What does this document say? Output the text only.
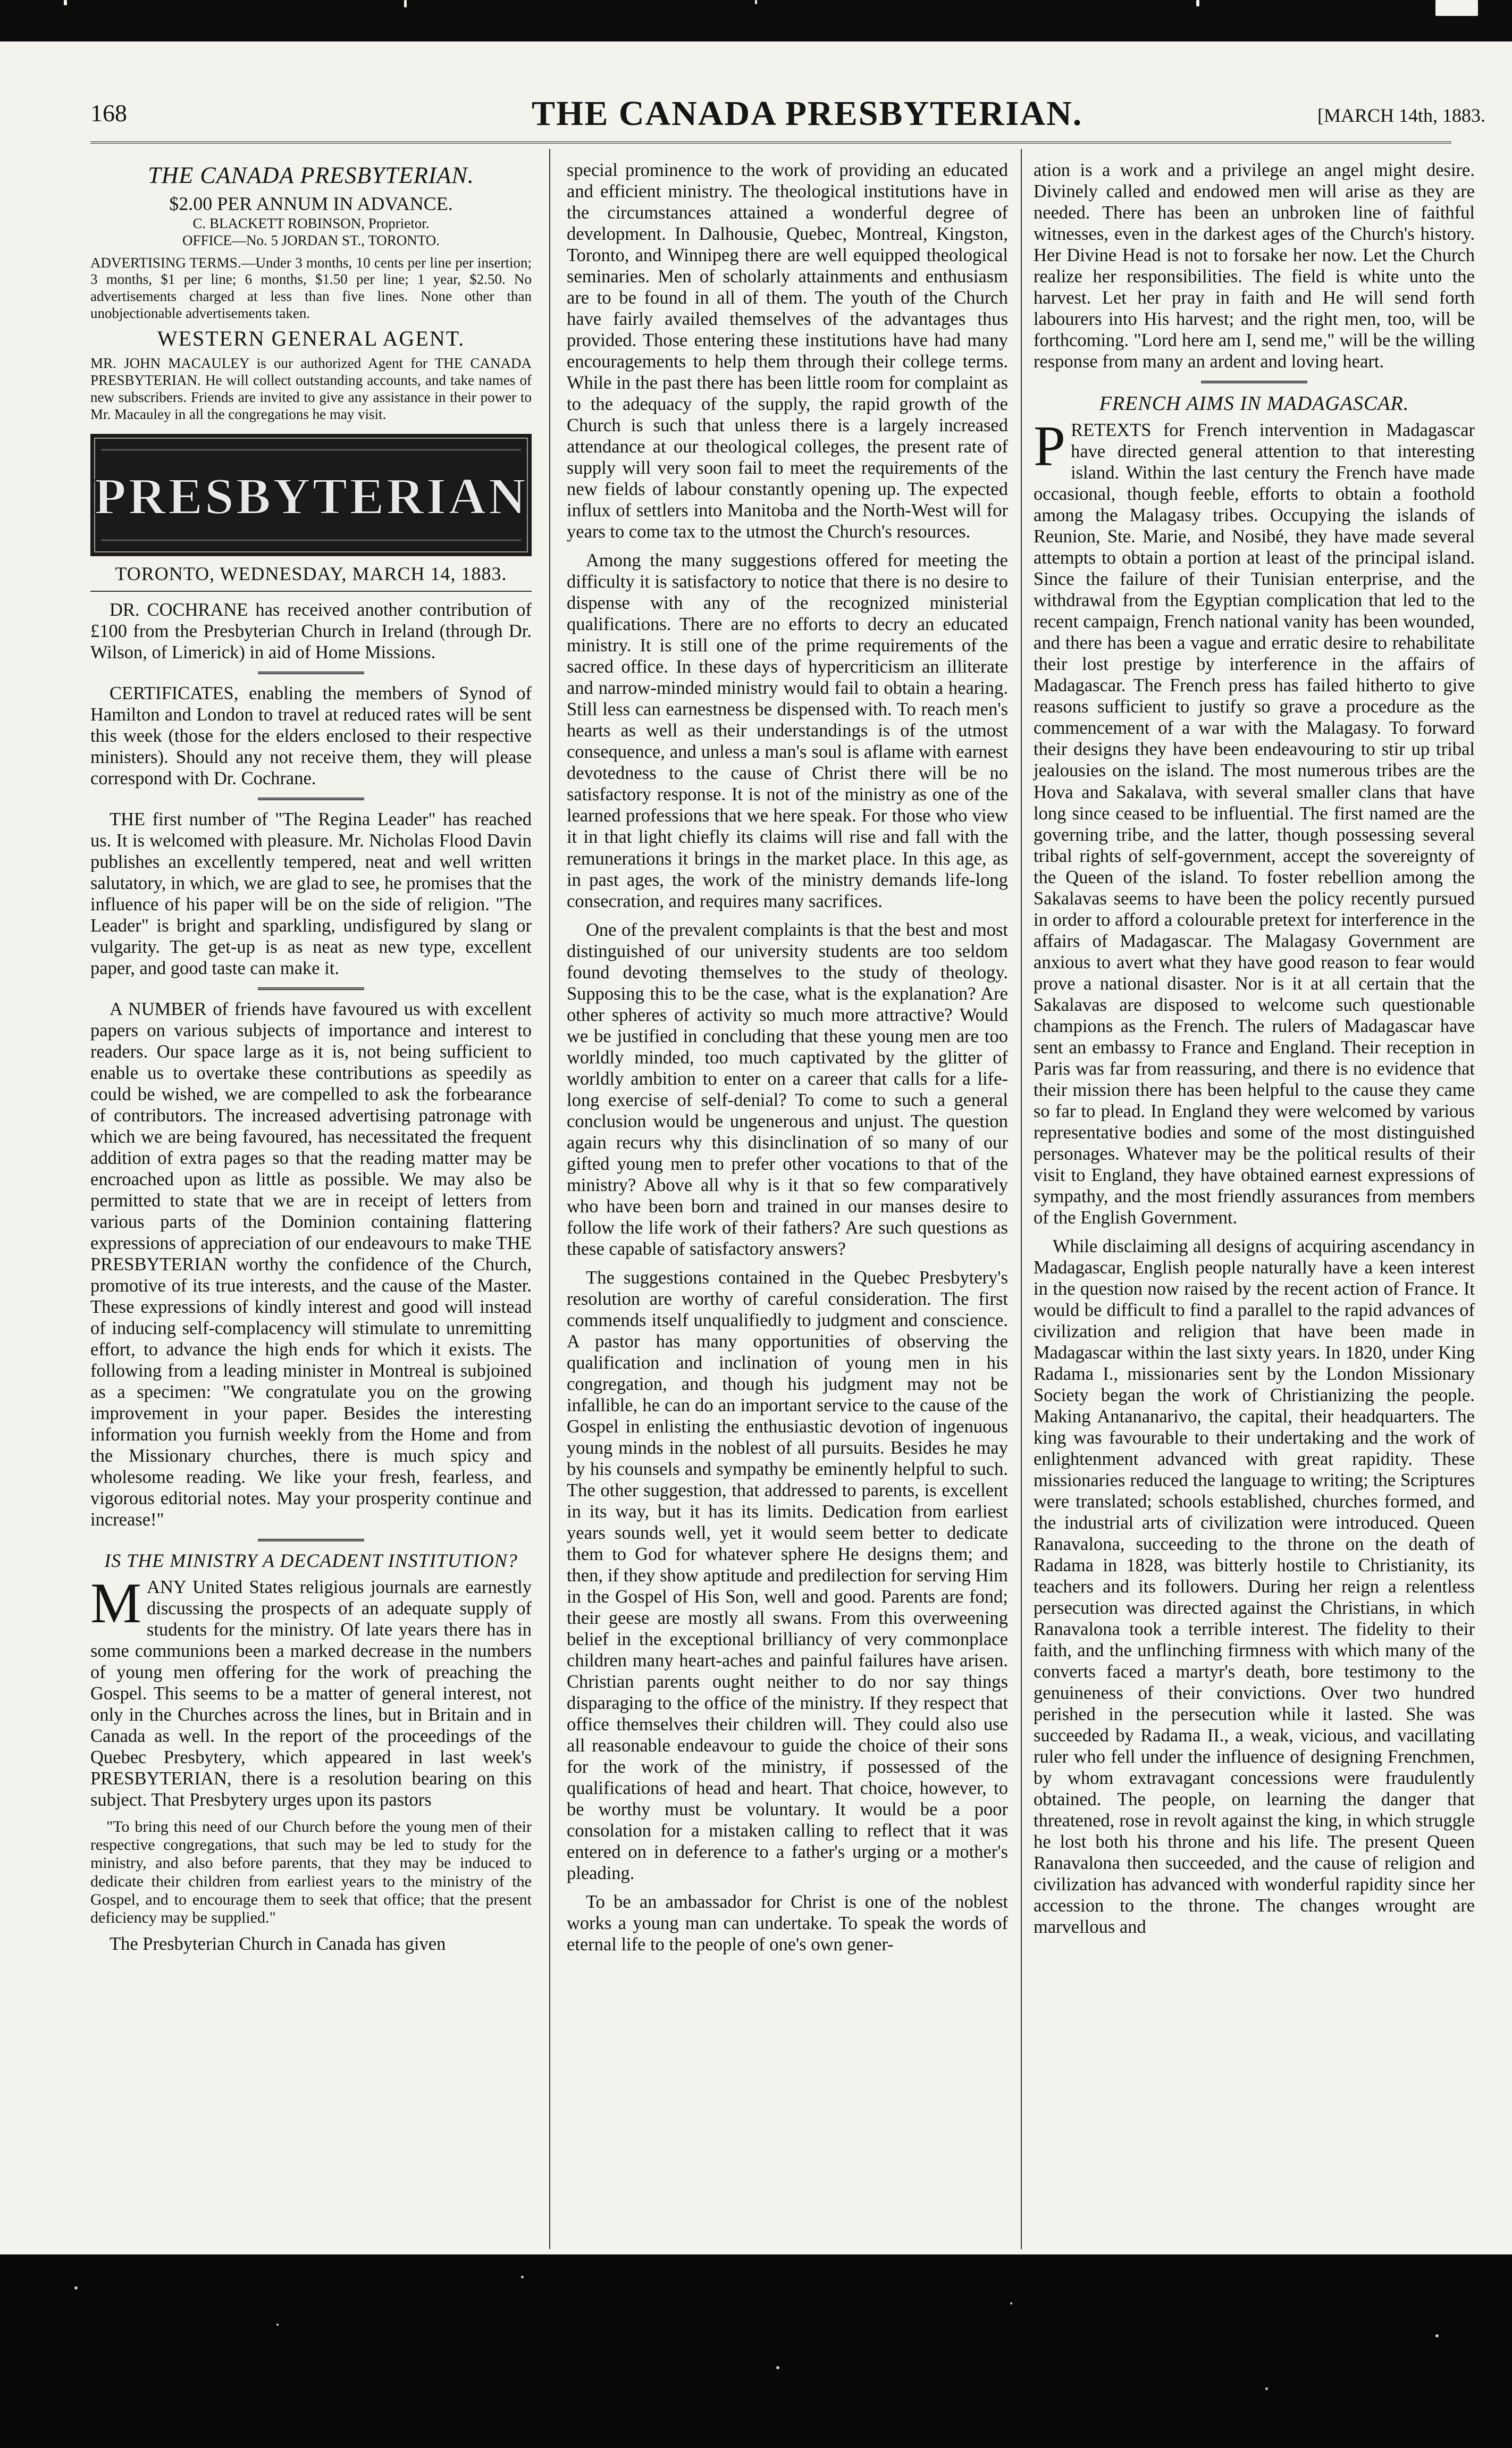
168	THE CANADA PRESBYTERIAN.	[MARCH 14th, 1883.
THE CANADA PRESBYTERIAN.
$2.00 PER ANNUM IN ADVANCE.
C. BLACKETT ROBINSON, Proprietor.
OFFICE—No. 5 JORDAN ST., TORONTO.
ADVERTISING TERMS.—Under 3 months, 10 cents per line per insertion; 3 months, $1 per line; 6 months, $1.50 per line; 1 year, $2.50. No advertisements charged at less than five lines. None other than unobjectionable advertisements taken.
WESTERN GENERAL AGENT.
MR. JOHN MACAULEY is our authorized Agent for THE CANADA PRESBYTERIAN. He will collect outstanding accounts, and take names of new subscribers. Friends are invited to give any assistance in their power to Mr. Macauley in all the congregations he may visit.
PRESBYTERIAN
TORONTO, WEDNESDAY, MARCH 14, 1883.

DR. COCHRANE has received another contribution of £100 from the Presbyterian Church in Ireland (through Dr. Wilson, of Limerick) in aid of Home Missions.

CERTIFICATES, enabling the members of Synod of Hamilton and London to travel at reduced rates will be sent this week (those for the elders enclosed to their respective ministers). Should any not receive them, they will please correspond with Dr. Cochrane.

THE first number of "The Regina Leader" has reached us. It is welcomed with pleasure. Mr. Nicholas Flood Davin publishes an excellently tempered, neat and well written salutatory, in which, we are glad to see, he promises that the influence of his paper will be on the side of religion. "The Leader" is bright and sparkling, undisfigured by slang or vulgarity. The get-up is as neat as new type, excellent paper, and good taste can make it.

A NUMBER of friends have favoured us with excellent papers on various subjects of importance and interest to readers. Our space large as it is, not being sufficient to enable us to overtake these contributions as speedily as could be wished, we are compelled to ask the forbearance of contributors. The increased advertising patronage with which we are being favoured, has necessitated the frequent addition of extra pages so that the reading matter may be encroached upon as little as possible. We may also be permitted to state that we are in receipt of letters from various parts of the Dominion containing flattering expressions of appreciation of our endeavours to make THE PRESBYTERIAN worthy the confidence of the Church, promotive of its true interests, and the cause of the Master. These expressions of kindly interest and good will instead of inducing self-complacency will stimulate to unremitting effort, to advance the high ends for which it exists. The following from a leading minister in Montreal is subjoined as a specimen: "We congratulate you on the growing improvement in your paper. Besides the interesting information you furnish weekly from the Home and from the Missionary churches, there is much spicy and wholesome reading. We like your fresh, fearless, and vigorous editorial notes. May your prosperity continue and increase!"

IS THE MINISTRY A DECADENT INSTITUTION?

MANY United States religious journals are earnestly discussing the prospects of an adequate supply of students for the ministry. Of late years there has in some communions been a marked decrease in the numbers of young men offering for the work of preaching the Gospel. This seems to be a matter of general interest, not only in the Churches across the lines, but in Britain and in Canada as well. In the report of the proceedings of the Quebec Presbytery, which appeared in last week's PRESBYTERIAN, there is a resolution bearing on this subject. That Presbytery urges upon its pastors

"To bring this need of our Church before the young men of their respective congregations, that such may be led to study for the ministry, and also before parents, that they may be induced to dedicate their children from earliest years to the ministry of the Gospel, and to encourage them to seek that office; that the present deficiency may be supplied."

The Presbyterian Church in Canada has given

special prominence to the work of providing an educated and efficient ministry. The theological institutions have in the circumstances attained a wonderful degree of development. In Dalhousie, Quebec, Montreal, Kingston, Toronto, and Winnipeg there are well equipped theological seminaries. Men of scholarly attainments and enthusiasm are to be found in all of them. The youth of the Church have fairly availed themselves of the advantages thus provided. Those entering these institutions have had many encouragements to help them through their college terms. While in the past there has been little room for complaint as to the adequacy of the supply, the rapid growth of the Church is such that unless there is a largely increased attendance at our theological colleges, the present rate of supply will very soon fail to meet the requirements of the new fields of labour constantly opening up. The expected influx of settlers into Manitoba and the North-West will for years to come tax to the utmost the Church's resources.

Among the many suggestions offered for meeting the difficulty it is satisfactory to notice that there is no desire to dispense with any of the recognized ministerial qualifications. There are no efforts to decry an educated ministry. It is still one of the prime requirements of the sacred office. In these days of hypercriticism an illiterate and narrow-minded ministry would fail to obtain a hearing. Still less can earnestness be dispensed with. To reach men's hearts as well as their understandings is of the utmost consequence, and unless a man's soul is aflame with earnest devotedness to the cause of Christ there will be no satisfactory response. It is not of the ministry as one of the learned professions that we here speak. For those who view it in that light chiefly its claims will rise and fall with the remunerations it brings in the market place. In this age, as in past ages, the work of the ministry demands life-long consecration, and requires many sacrifices.

One of the prevalent complaints is that the best and most distinguished of our university students are too seldom found devoting themselves to the study of theology. Supposing this to be the case, what is the explanation? Are other spheres of activity so much more attractive? Would we be justified in concluding that these young men are too worldly minded, too much captivated by the glitter of worldly ambition to enter on a career that calls for a life-long exercise of self-denial? To come to such a general conclusion would be ungenerous and unjust. The question again recurs why this disinclination of so many of our gifted young men to prefer other vocations to that of the ministry? Above all why is it that so few comparatively who have been born and trained in our manses desire to follow the life work of their fathers? Are such questions as these capable of satisfactory answers?

The suggestions contained in the Quebec Presbytery's resolution are worthy of careful consideration. The first commends itself unqualifiedly to judgment and conscience. A pastor has many opportunities of observing the qualification and inclination of young men in his congregation, and though his judgment may not be infallible, he can do an important service to the cause of the Gospel in enlisting the enthusiastic devotion of ingenuous young minds in the noblest of all pursuits. Besides he may by his counsels and sympathy be eminently helpful to such. The other suggestion, that addressed to parents, is excellent in its way, but it has its limits. Dedication from earliest years sounds well, yet it would seem better to dedicate them to God for whatever sphere He designs them; and then, if they show aptitude and predilection for serving Him in the Gospel of His Son, well and good. Parents are fond; their geese are mostly all swans. From this overweening belief in the exceptional brilliancy of very commonplace children many heart-aches and painful failures have arisen. Christian parents ought neither to do nor say things disparaging to the office of the ministry. If they respect that office themselves their children will. They could also use all reasonable endeavour to guide the choice of their sons for the work of the ministry, if possessed of the qualifications of head and heart. That choice, however, to be worthy must be voluntary. It would be a poor consolation for a mistaken calling to reflect that it was entered on in deference to a father's urging or a mother's pleading.

To be an ambassador for Christ is one of the noblest works a young man can undertake. To speak the words of eternal life to the people of one's own gener-

ation is a work and a privilege an angel might desire. Divinely called and endowed men will arise as they are needed. There has been an unbroken line of faithful witnesses, even in the darkest ages of the Church's history. Her Divine Head is not to forsake her now. Let the Church realize her responsibilities. The field is white unto the harvest. Let her pray in faith and He will send forth labourers into His harvest; and the right men, too, will be forthcoming. "Lord here am I, send me," will be the willing response from many an ardent and loving heart.

FRENCH AIMS IN MADAGASCAR.

PRETEXTS for French intervention in Madagascar have directed general attention to that interesting island. Within the last century the French have made occasional, though feeble, efforts to obtain a foothold among the Malagasy tribes. Occupying the islands of Reunion, Ste. Marie, and Nosibé, they have made several attempts to obtain a portion at least of the principal island. Since the failure of their Tunisian enterprise, and the withdrawal from the Egyptian complication that led to the recent campaign, French national vanity has been wounded, and there has been a vague and erratic desire to rehabilitate their lost prestige by interference in the affairs of Madagascar. The French press has failed hitherto to give reasons sufficient to justify so grave a procedure as the commencement of a war with the Malagasy. To forward their designs they have been endeavouring to stir up tribal jealousies on the island. The most numerous tribes are the Hova and Sakalava, with several smaller clans that have long since ceased to be influential. The first named are the governing tribe, and the latter, though possessing several tribal rights of self-government, accept the sovereignty of the Queen of the island. To foster rebellion among the Sakalavas seems to have been the policy recently pursued in order to afford a colourable pretext for interference in the affairs of Madagascar. The Malagasy Government are anxious to avert what they have good reason to fear would prove a national disaster. Nor is it at all certain that the Sakalavas are disposed to welcome such questionable champions as the French. The rulers of Madagascar have sent an embassy to France and England. Their reception in Paris was far from reassuring, and there is no evidence that their mission there has been helpful to the cause they came so far to plead. In England they were welcomed by various representative bodies and some of the most distinguished personages. Whatever may be the political results of their visit to England, they have obtained earnest expressions of sympathy, and the most friendly assurances from members of the English Government.

While disclaiming all designs of acquiring ascendancy in Madagascar, English people naturally have a keen interest in the question now raised by the recent action of France. It would be difficult to find a parallel to the rapid advances of civilization and religion that have been made in Madagascar within the last sixty years. In 1820, under King Radama I., missionaries sent by the London Missionary Society began the work of Christianizing the people. Making Antananarivo, the capital, their headquarters. The king was favourable to their undertaking and the work of enlightenment advanced with great rapidity. These missionaries reduced the language to writing; the Scriptures were translated; schools established, churches formed, and the industrial arts of civilization were introduced. Queen Ranavalona, succeeding to the throne on the death of Radama in 1828, was bitterly hostile to Christianity, its teachers and its followers. During her reign a relentless persecution was directed against the Christians, in which Ranavalona took a terrible interest. The fidelity to their faith, and the unflinching firmness with which many of the converts faced a martyr's death, bore testimony to the genuineness of their convictions. Over two hundred perished in the persecution while it lasted. She was succeeded by Radama II., a weak, vicious, and vacillating ruler who fell under the influence of designing Frenchmen, by whom extravagant concessions were fraudulently obtained. The people, on learning the danger that threatened, rose in revolt against the king, in which struggle he lost both his throne and his life. The present Queen Ranavalona then succeeded, and the cause of religion and civilization has advanced with wonderful rapidity since her accession to the throne. The changes wrought are marvellous and
